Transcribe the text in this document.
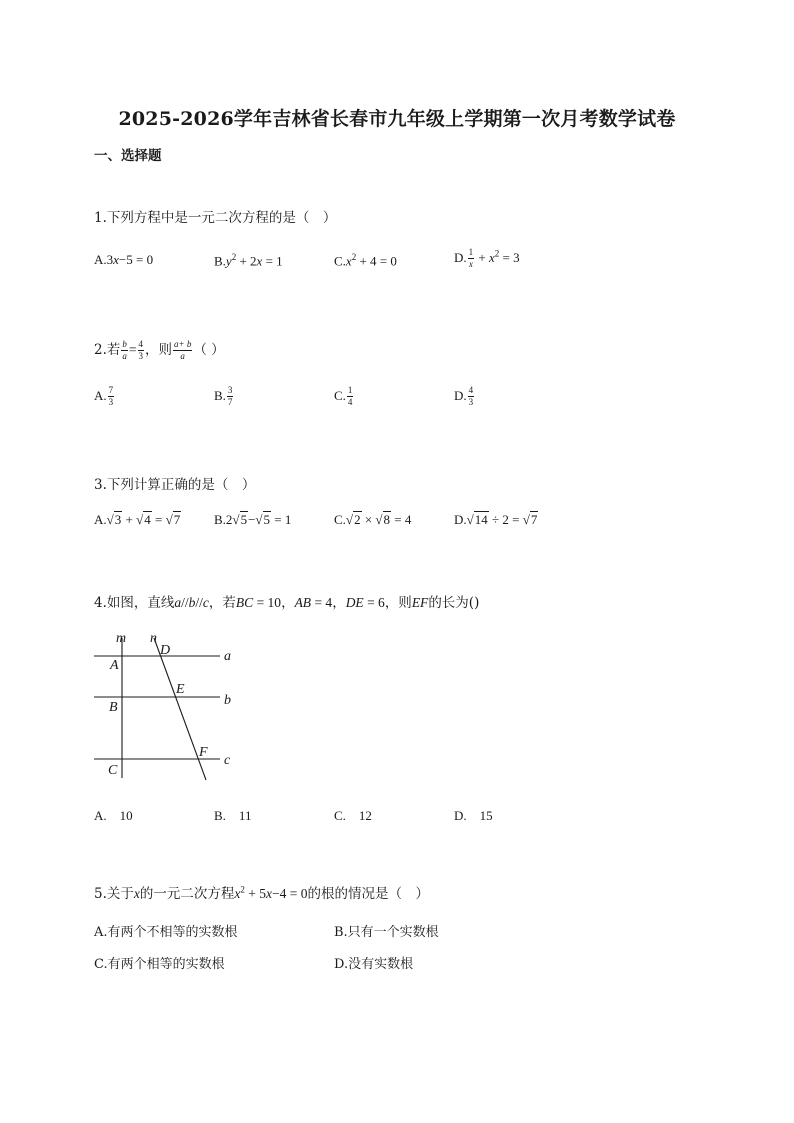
2025-2026学年吉林省长春市九年级上学期第一次月考数学试卷
一、选择题
1.下列方程中是一元二次方程的是（　）
A.3x−5 = 0	$B.y^2 + 2x = 1$	$C.x^2 + 4 = 0$	D. $\frac{1}{x} + x^2 = 3$
2.若 $\frac{b}{a} = \frac{4}{3}$ ，则 $\frac{a+ b}{a}$ （ ）
A. $\frac{7}{3}$	B. $\frac{3}{7}$	C. $\frac{1}{4}$	D. $\frac{4}{3}$
3.下列计算正确的是（　）
A.√3 + √4 = √7	B.2√5−√5 = 1	C.√2 × √8 = 4	D.√14 ÷ 2 = √7
4.如图，直线a//b//c，若BC = 10，AB = 4，DE = 6，则EF的长为()
m n
D	a
A
E
b
B
F
c
C
A.　10	B.　11	C.　12	D.　15
5.关于x的一元二次方程$x^2 + 5x-4 = 0$的根的情况是（　）
A.有两个不相等的实数根	B.只有一个实数根
C.有两个相等的实数根	D.没有实数根
